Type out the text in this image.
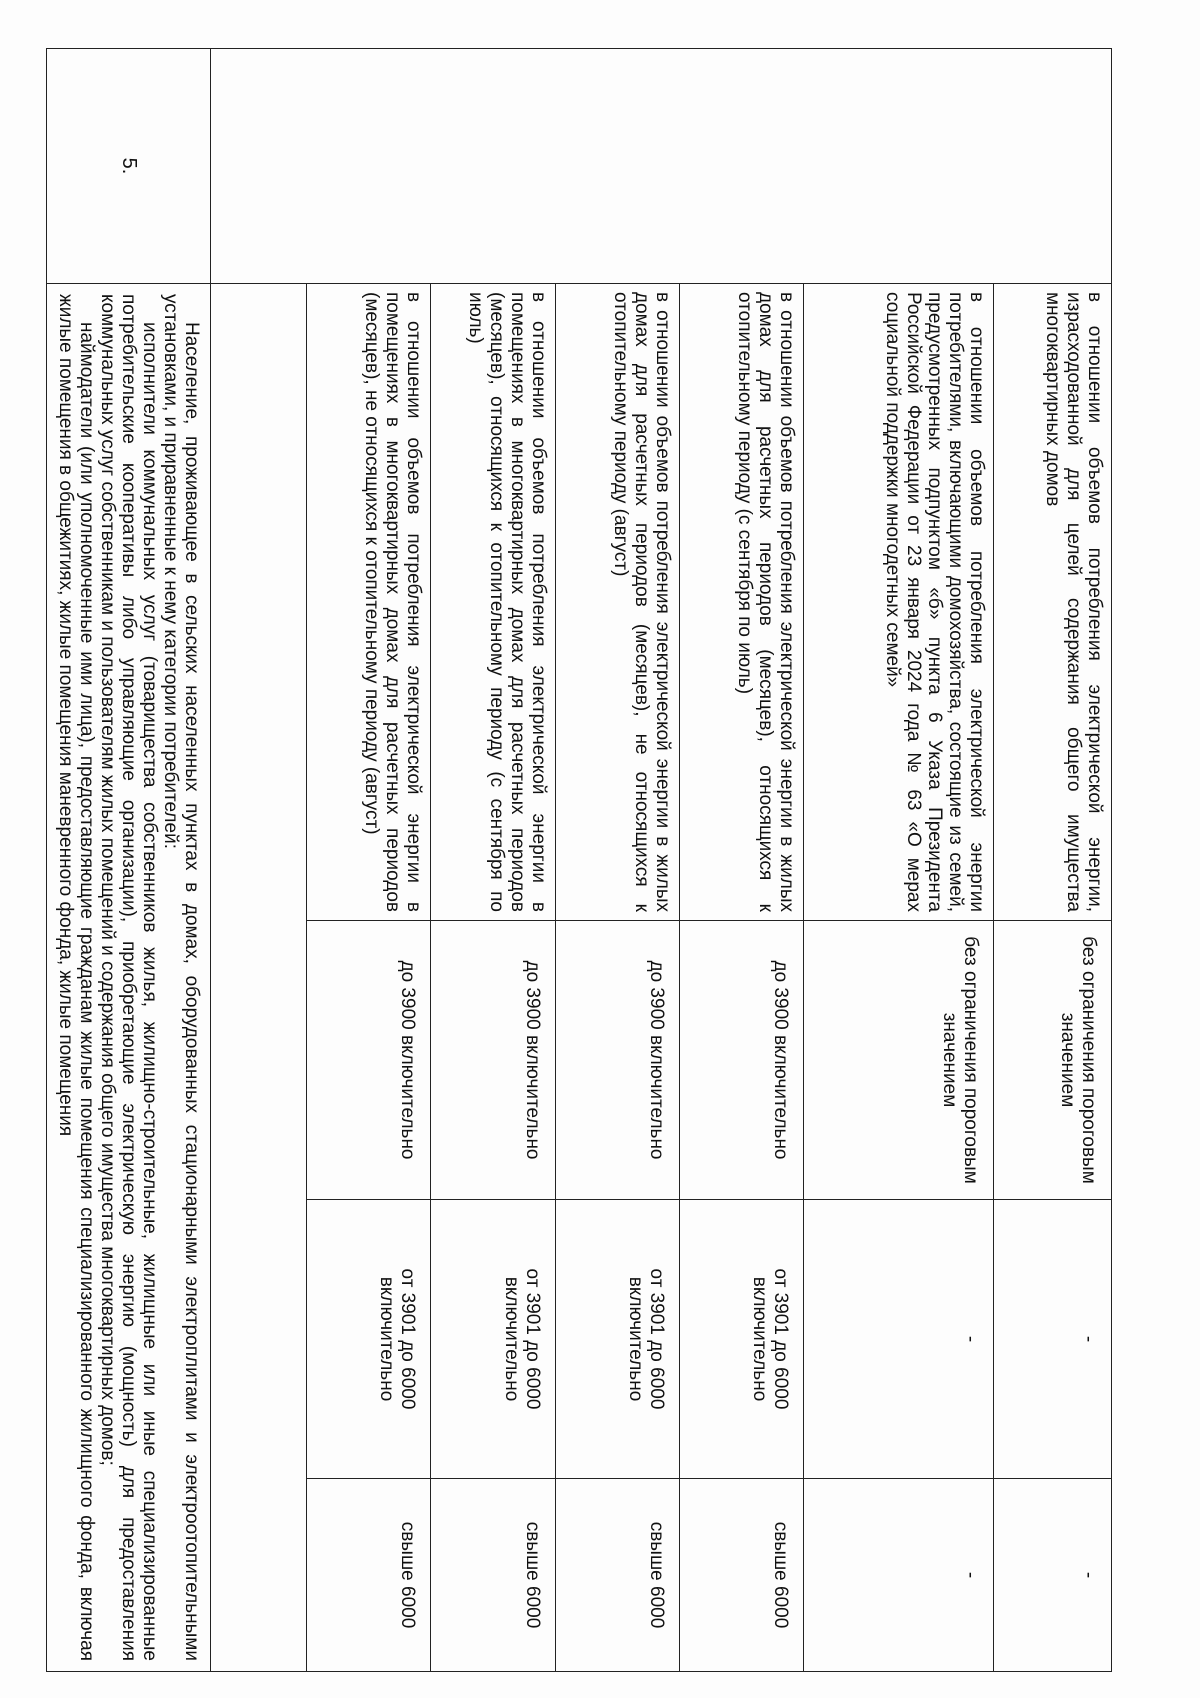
	в отношении объемов потребления электрической энергии, израсходованной для целей содержания общего имущества многоквартирных домов	без ограничения пороговым значением	-	-
	в отношении объемов потребления электрической энергии потребителями, включающими домохозяйства, состоящие из семей, предусмотренных подпунктом «б» пункта 6 Указа Президента Российской Федерации от 23 января 2024 года № 63 «О мерах социальной поддержки многодетных семей»	без ограничения пороговым значением	-	-
	в отношении объемов потребления электрической энергии в жилых домах для расчетных периодов (месяцев), относящихся к отопительному периоду (с сентября по июль)	до 3900 включительно	от 3901 до 6000 включительно	свыше 6000
	в отношении объемов потребления электрической энергии в жилых домах для расчетных периодов (месяцев), не относящихся к отопительному периоду (август)	до 3900 включительно	от 3901 до 6000 включительно	свыше 6000
	в отношении объемов потребления электрической энергии в помещениях в многоквартирных домах для расчетных периодов (месяцев), относящихся к отопительному периоду (с сентября по июль)	до 3900 включительно	от 3901 до 6000 включительно	свыше 6000
	в отношении объемов потребления электрической энергии в помещениях в многоквартирных домах для расчетных периодов (месяцев), не относящихся к отопительному периоду (август)	до 3900 включительно	от 3901 до 6000 включительно	свыше 6000

5.	Население, проживающее в сельских населенных пунктах в домах, оборудованных стационарными электроплитами и электроотопительными установками, и приравненные к нему категории потребителей:

исполнители коммунальных услуг (товарищества собственников жилья, жилищно-строительные, жилищные или иные специализированные потребительские кооперативы либо управляющие организации), приобретающие электрическую энергию (мощность) для предоставления коммунальных услуг собственникам и пользователям жилых помещений и содержания общего имущества многоквартирных домов;

наймодатели (или уполномоченные ими лица), предоставляющие гражданам жилые помещения специализированного жилищного фонда, включая жилые помещения в общежитиях, жилые помещения маневренного фонда, жилые помещения			
